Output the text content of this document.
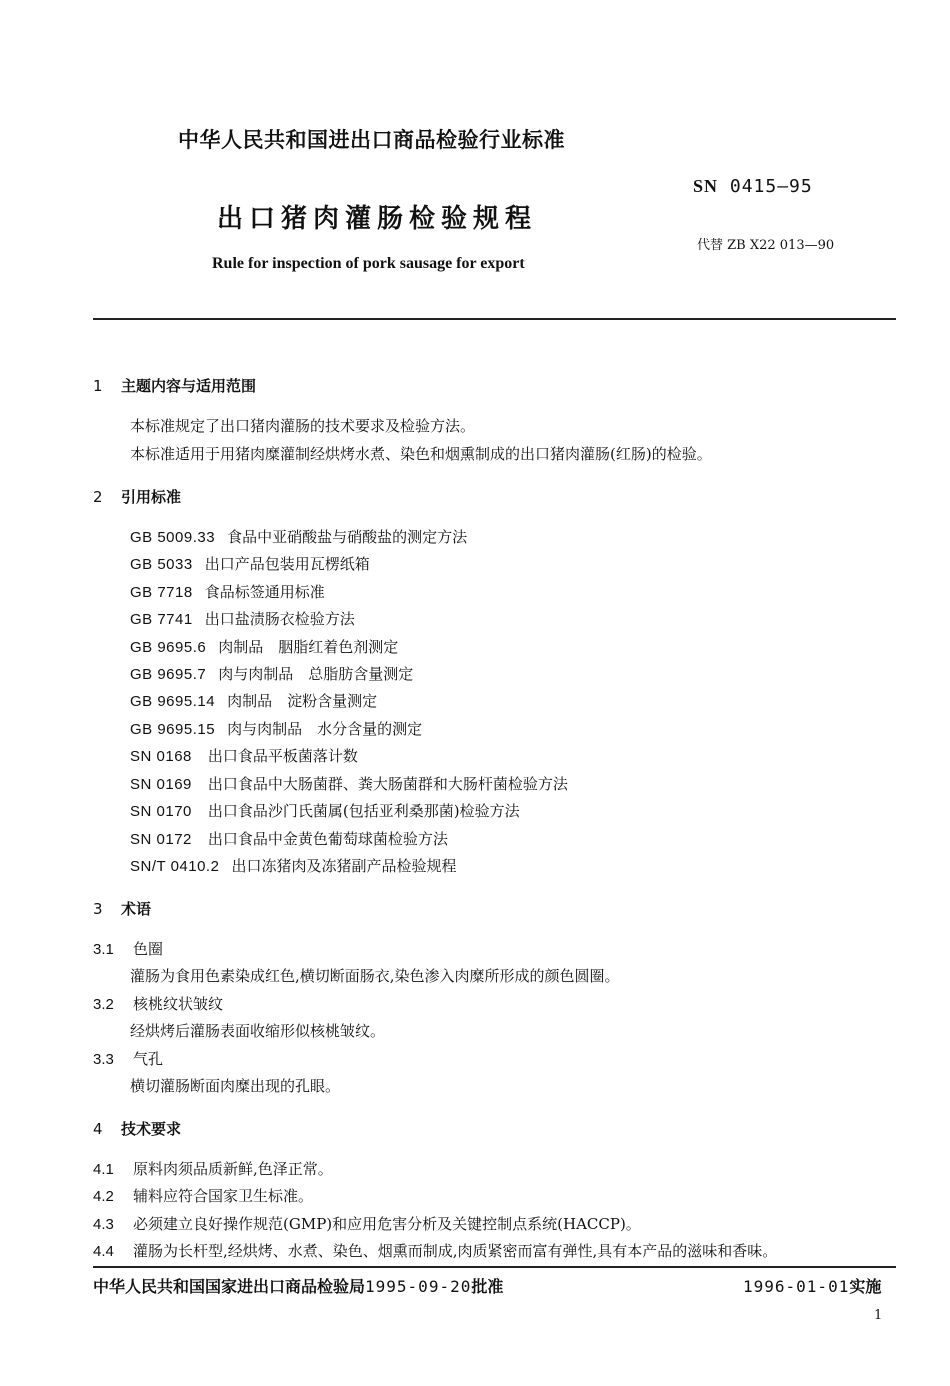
中华人民共和国进出口商品检验行业标准
SN 0415—95
出口猪肉灌肠检验规程
代替 ZB X22 013—90
Rule for inspection of pork sausage for export
1 主题内容与适用范围
本标准规定了出口猪肉灌肠的技术要求及检验方法。
本标准适用于用猪肉糜灌制经烘烤水煮、染色和烟熏制成的出口猪肉灌肠(红肠)的检验。
2 引用标准
GB 5009.33 食品中亚硝酸盐与硝酸盐的测定方法
GB 5033 出口产品包装用瓦楞纸箱
GB 7718 食品标签通用标准
GB 7741 出口盐渍肠衣检验方法
GB 9695.6 肉制品　胭脂红着色剂测定
GB 9695.7 肉与肉制品　总脂肪含量测定
GB 9695.14 肉制品　淀粉含量测定
GB 9695.15 肉与肉制品　水分含量的测定
SN 0168 出口食品平板菌落计数
SN 0169 出口食品中大肠菌群、粪大肠菌群和大肠杆菌检验方法
SN 0170 出口食品沙门氏菌属(包括亚利桑那菌)检验方法
SN 0172 出口食品中金黄色葡萄球菌检验方法
SN/T 0410.2 出口冻猪肉及冻猪副产品检验规程
3 术语
3.1 色圈
灌肠为食用色素染成红色,横切断面肠衣,染色渗入肉糜所形成的颜色圆圈。
3.2 核桃纹状皱纹
经烘烤后灌肠表面收缩形似核桃皱纹。
3.3 气孔
横切灌肠断面肉糜出现的孔眼。
4 技术要求
4.1 原料肉须品质新鲜,色泽正常。
4.2 辅料应符合国家卫生标准。
4.3 必须建立良好操作规范(GMP)和应用危害分析及关键控制点系统(HACCP)。
4.4 灌肠为长杆型,经烘烤、水煮、染色、烟熏而制成,肉质紧密而富有弹性,具有本产品的滋味和香味。
中华人民共和国国家进出口商品检验局1995-09-20批准	1996-01-01实施
1
